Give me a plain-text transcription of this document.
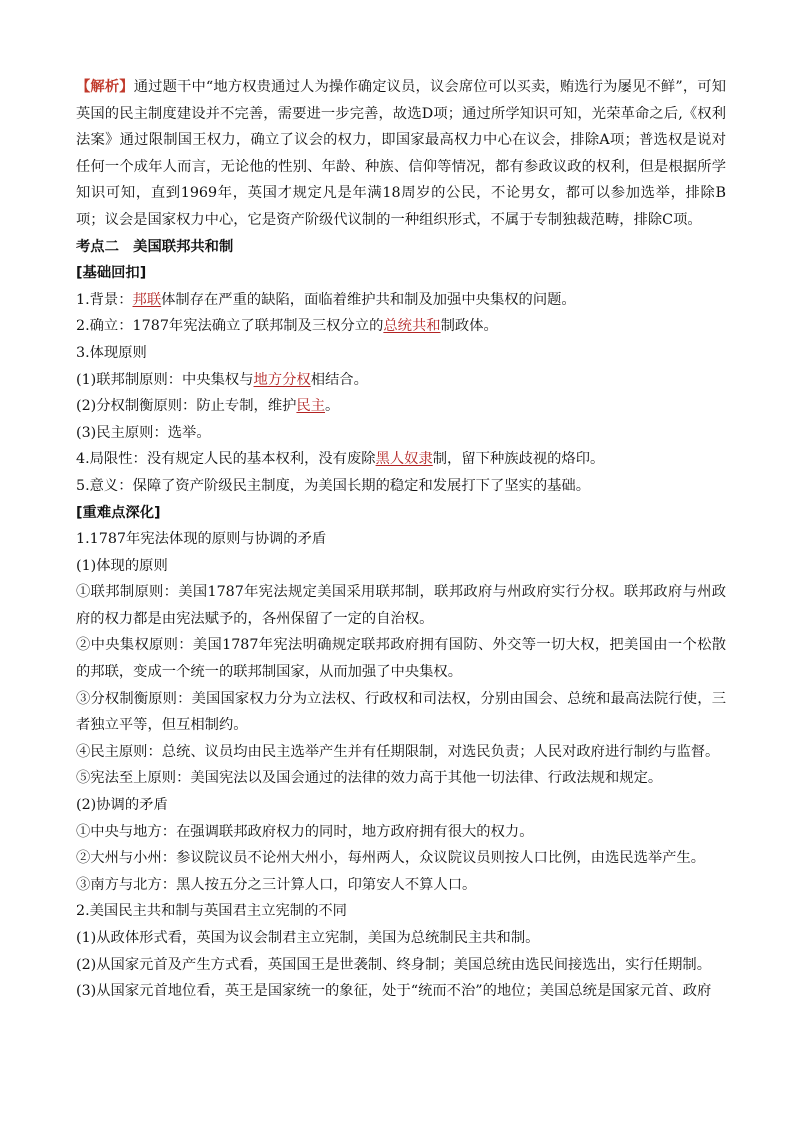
【解析】通过题干中“地方权贵通过人为操作确定议员，议会席位可以买卖，贿选行为屡见不鲜”，可知英国的民主制度建设并不完善，需要进一步完善，故选D项；通过所学知识可知，光荣革命之后,《权利法案》通过限制国王权力，确立了议会的权力，即国家最高权力中心在议会，排除A项；普选权是说对任何一个成年人而言，无论他的性别、年龄、种族、信仰等情况，都有参政议政的权利，但是根据所学知识可知，直到1969年，英国才规定凡是年满18周岁的公民，不论男女，都可以参加选举，排除B项；议会是国家权力中心，它是资产阶级代议制的一种组织形式，不属于专制独裁范畴，排除C项。
考点二　美国联邦共和制
[基础回扣]
1.背景：邦联体制存在严重的缺陷，面临着维护共和制及加强中央集权的问题。
2.确立：1787年宪法确立了联邦制及三权分立的总统共和制政体。
3.体现原则
(1)联邦制原则：中央集权与地方分权相结合。
(2)分权制衡原则：防止专制，维护民主。
(3)民主原则：选举。
4.局限性：没有规定人民的基本权利，没有废除黑人奴隶制，留下种族歧视的烙印。
5.意义：保障了资产阶级民主制度，为美国长期的稳定和发展打下了坚实的基础。
[重难点深化]
1.1787年宪法体现的原则与协调的矛盾
(1)体现的原则
①联邦制原则：美国1787年宪法规定美国采用联邦制，联邦政府与州政府实行分权。联邦政府与州政府的权力都是由宪法赋予的，各州保留了一定的自治权。
②中央集权原则：美国1787年宪法明确规定联邦政府拥有国防、外交等一切大权，把美国由一个松散的邦联，变成一个统一的联邦制国家，从而加强了中央集权。
③分权制衡原则：美国国家权力分为立法权、行政权和司法权，分别由国会、总统和最高法院行使，三者独立平等，但互相制约。
④民主原则：总统、议员均由民主选举产生并有任期限制，对选民负责；人民对政府进行制约与监督。
⑤宪法至上原则：美国宪法以及国会通过的法律的效力高于其他一切法律、行政法规和规定。
(2)协调的矛盾
①中央与地方：在强调联邦政府权力的同时，地方政府拥有很大的权力。
②大州与小州：参议院议员不论州大州小，每州两人，众议院议员则按人口比例，由选民选举产生。
③南方与北方：黑人按五分之三计算人口，印第安人不算人口。
2.美国民主共和制与英国君主立宪制的不同
(1)从政体形式看，英国为议会制君主立宪制，美国为总统制民主共和制。
(2)从国家元首及产生方式看，英国国王是世袭制、终身制；美国总统由选民间接选出，实行任期制。
(3)从国家元首地位看，英王是国家统一的象征，处于“统而不治”的地位；美国总统是国家元首、政府
